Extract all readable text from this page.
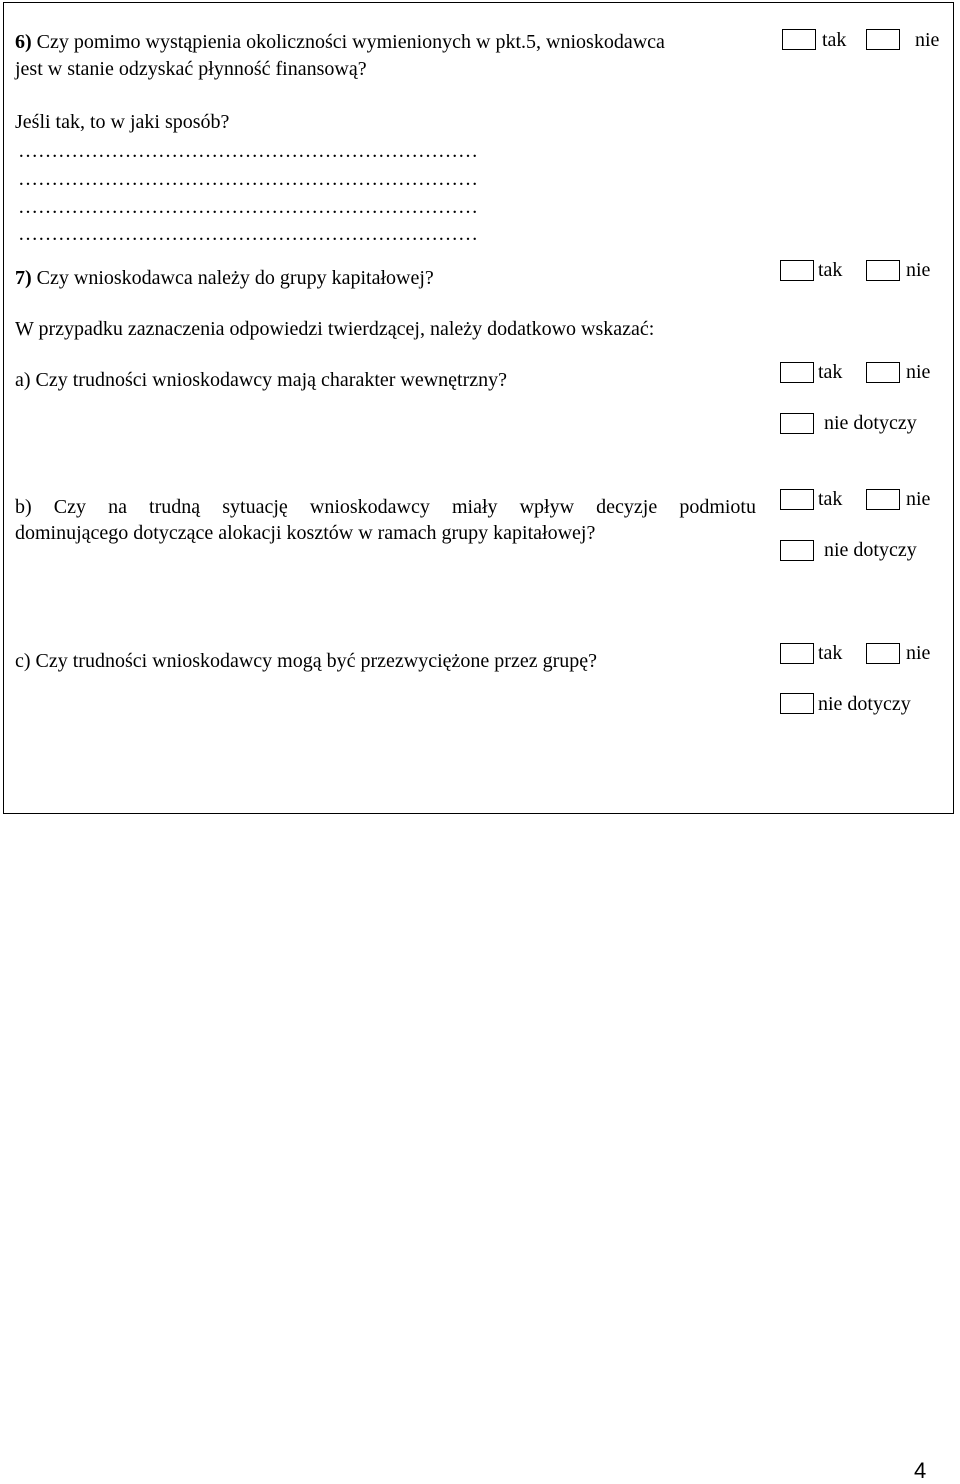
6) Czy pomimo wystąpienia okoliczności wymienionych w pkt.5, wnioskodawca
jest w stanie odzyskać płynność finansową?
tak	nie
Jeśli tak, to w jaki sposób?
……………………………………………………………
……………………………………………………………
……………………………………………………………
……………………………………………………………
7) Czy wnioskodawca należy do grupy kapitałowej?	tak	nie
W przypadku zaznaczenia odpowiedzi twierdzącej, należy dodatkowo wskazać:
a) Czy trudności wnioskodawcy mają charakter wewnętrzny?	tak	nie
nie dotyczy
b) Czy na trudną sytuację wnioskodawcy miały wpływ decyzje podmiotu
dominującego dotyczące alokacji kosztów w ramach grupy kapitałowej?
tak	nie
nie dotyczy
c) Czy trudności wnioskodawcy mogą być przezwyciężone przez grupę?	tak	nie
nie dotyczy
4
